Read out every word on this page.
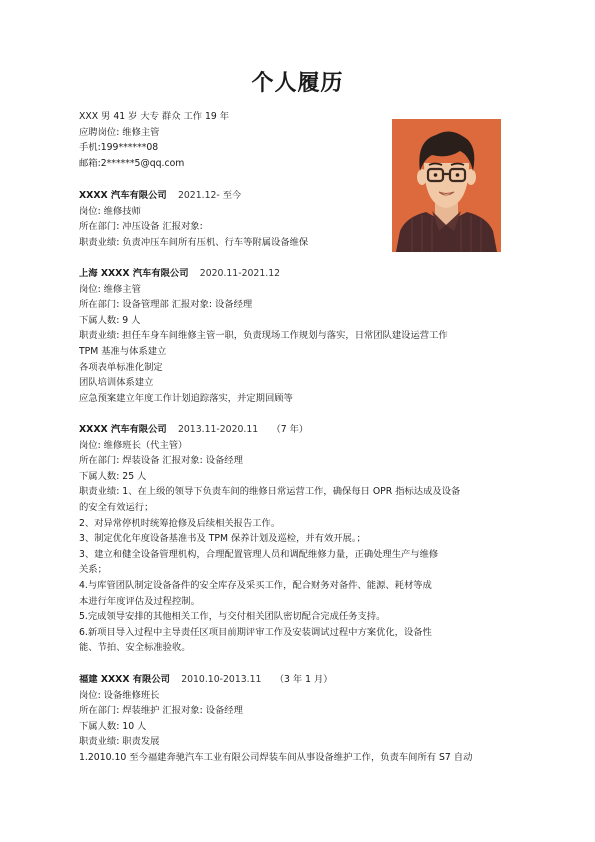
个人履历
XXX 男 41 岁 大专 群众 工作 19 年
应聘岗位: 维修主管
手机:199******08
邮箱:2******5@qq.com
XXXX 汽车有限公司 2021.12- 至今
岗位: 维修技师
所在部门: 冲压设备 汇报对象:
职责业绩: 负责冲压车间所有压机、行车等附属设备维保
上海 XXXX 汽车有限公司 2020.11-2021.12
岗位: 维修主管
所在部门: 设备管理部 汇报对象: 设备经理
下属人数: 9 人
职责业绩: 担任车身车间维修主管一职，负责现场工作规划与落实，日常团队建设运营工作
TPM 基准与体系建立
各项表单标准化制定
团队培训体系建立
应急预案建立年度工作计划追踪落实，并定期回顾等
XXXX 汽车有限公司 2013.11-2020.11 （7 年）
岗位: 维修班长（代主管）
所在部门: 焊装设备 汇报对象: 设备经理
下属人数: 25 人
职责业绩: 1、在上级的领导下负责车间的维修日常运营工作，确保每日 OPR 指标达成及设备
的安全有效运行；
2、对异常停机时统筹抢修及后续相关报告工作。
3、制定优化年度设备基准书及 TPM 保养计划及巡检，并有效开展。；
3、建立和健全设备管理机构，合理配置管理人员和调配维修力量，正确处理生产与维修
关系；
4.与库管团队制定设备备件的安全库存及采买工作，配合财务对备件、能源、耗材等成
本进行年度评估及过程控制。
5.完成领导安排的其他相关工作，与交付相关团队密切配合完成任务支持。
6.新项目导入过程中主导责任区项目前期评审工作及安装调试过程中方案优化，设备性
能、节拍、安全标准验收。
福建 XXXX 有限公司 2010.10-2013.11 （3 年 1 月）
岗位: 设备维修班长
所在部门: 焊装维护 汇报对象: 设备经理
下属人数: 10 人
职责业绩: 职责发展
1.2010.10 至今福建奔驰汽车工业有限公司焊装车间从事设备维护工作，负责车间所有 S7 自动
